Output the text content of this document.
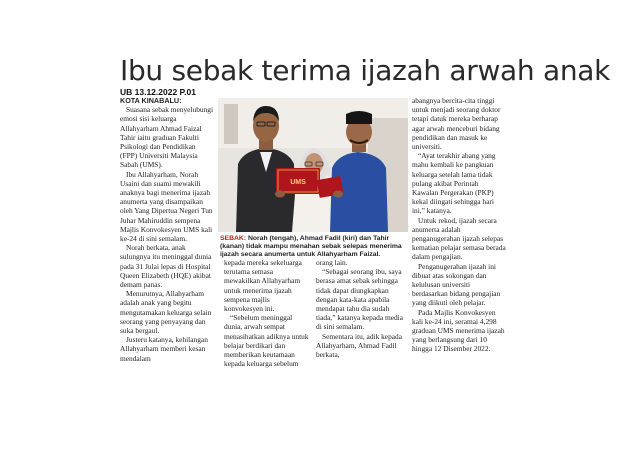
Ibu sebak terima ijazah arwah anak
UB 13.12.2022 P.01

KOTA KINABALU:

Suasana sebak menyelubungi emosi sisi keluarga Allahyarham Ahmad Faizal Tahir iaitu graduan Fakulti Psikologi dan Pendidikan (FPP) Universiti Malaysia Sabah (UMS).

Ibu Allahyarham, Norah Usaini dan suami mewakili anaknya bagi menerima ijazah anumerta yang disampaikan oleh Yang Dipertua Negeri Tun Juhar Mahiruddin sempena Majlis Konvokesyen UMS kali ke-24 di sini semalam.

Norah berkata, anak sulungnya itu meninggal dunia pada 31 Julai lepas di Hospital Queen Elizabeth (HQE) akibat demam panas.

Menurutnya, Allahyarham adalah anak yang begitu mengutamakan keluarga selain seorang yang penyayang dan suka bergaul.

Justeru katanya, kehilangan Allahyarham memberi kesan mendalam

UMS
SEBAK: Norah (tengah), Ahmad Fadil (kiri) dan Tahir (kanan) tidak mampu menahan sebak selepas menerima ijazah secara anumerta untuk Allahyarham Faizal.

kepada mereka sekeluarga terutama semasa mewakilkan Allahyarham untuk menerima ijazah sempena majlis konvokesyen ini.

“Sebelum meninggal dunia, arwah sempat menasihatkan adiknya untuk belajar berdikari dan memberikan keutamaan kepada keluarga sebelum

orang lain.

“Sebagai seorang ibu, saya berasa amat sebak sehingga tidak dapat diungkapkan dengan kata-kata apabila mendapat tahu dia sudah tiada,” katanya kepada media di sini semalam.

Sementara itu, adik kepada Allahyarham, Ahmad Fadil berkata,

abangnya bercita-cita tinggi untuk menjadi seorang doktor tetapi datuk mereka berharap agar arwah menceburi bidang pendidikan dan masuk ke universiti.

“Ayat terakhir abang yang mahu kembali ke pangkuan keluarga setelah lama tidak pulang akibat Perintah Kawalan Pergerakan (PKP) kekal diingati sehingga hari ini,” katanya.

Untuk rekod, ijazah secara anumerta adalah penganugerahan ijazah selepas kematian pelajar semasa berada dalam pengajian.

Penganugerahan ijazah ini dibuat atas sokongan dan kelulusan universiti berdasarkan bidang pengajian yang diikuti oleh pelajar.

Pada Majlis Konvokesyen kali ke-24 ini, seramai 4,298 graduan UMS menerima ijazah yang berlangsung dari 10 hingga 12 Disember 2022.
